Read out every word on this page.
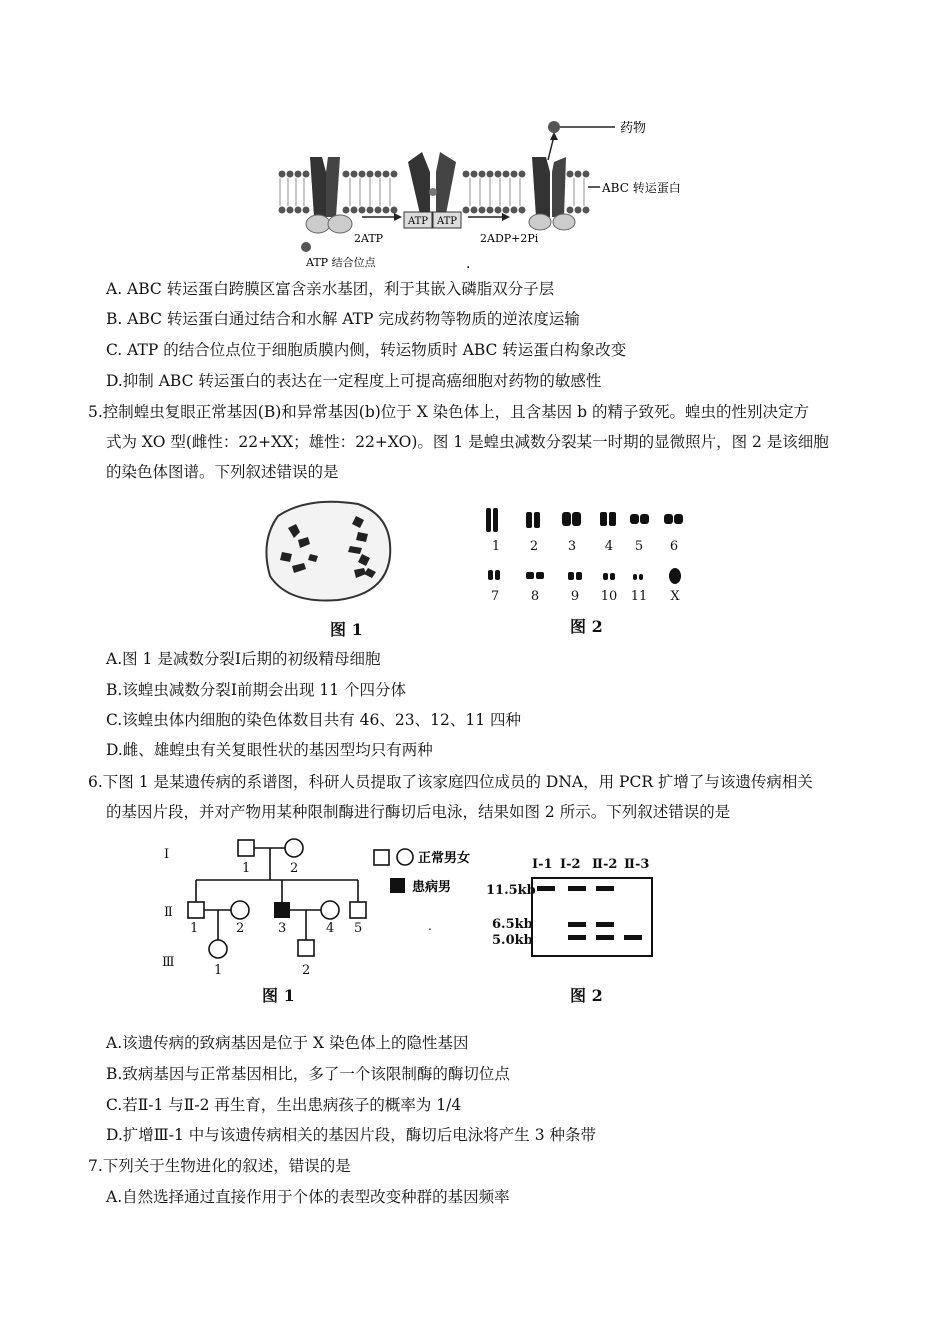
ATP ATP
药物
ABC 转运蛋白
2ATP	2ADP+2Pi
ATP 结合位点	.
A. ABC 转运蛋白跨膜区富含亲水基团，利于其嵌入磷脂双分子层
B. ABC 转运蛋白通过结合和水解 ATP 完成药物等物质的逆浓度运输
C. ATP 的结合位点位于细胞质膜内侧，转运物质时 ABC 转运蛋白构象改变
D.抑制 ABC 转运蛋白的表达在一定程度上可提高癌细胞对药物的敏感性
5.控制蝗虫复眼正常基因(B)和异常基因(b)位于 X 染色体上，且含基因 b 的精子致死。蝗虫的性别决定方
式为 XO 型(雌性：22+XX；雄性：22+XO)。图 1 是蝗虫减数分裂某一时期的显微照片，图 2 是该细胞
的染色体图谱。下列叙述错误的是
图 1
1 2 3 4 5 6
7 8 9 10 11 X
图 2
A.图 1 是减数分裂Ⅰ后期的初级精母细胞
B.该蝗虫减数分裂Ⅰ前期会出现 11 个四分体
C.该蝗虫体内细胞的染色体数目共有 46、23、12、11 四种
D.雌、雄蝗虫有关复眼性状的基因型均只有两种
6.下图 1 是某遗传病的系谱图，科研人员提取了该家庭四位成员的 DNA，用 PCR 扩增了与该遗传病相关
的基因片段，并对产物用某种限制酶进行酶切后电泳，结果如图 2 所示。下列叙述错误的是
Ⅰ
Ⅱ
Ⅲ
1	2
1	2	3	4 5
1	2
正常男女
患病男
.
Ⅰ-1 Ⅰ-2 Ⅱ-2 Ⅱ-3
11.5kb
6.5kb
5.0kb
图 1	图 2
A.该遗传病的致病基因是位于 X 染色体上的隐性基因
B.致病基因与正常基因相比，多了一个该限制酶的酶切位点
C.若Ⅱ-1 与Ⅱ-2 再生育，生出患病孩子的概率为 1/4
D.扩增Ⅲ-1 中与该遗传病相关的基因片段，酶切后电泳将产生 3 种条带
7.下列关于生物进化的叙述，错误的是
A.自然选择通过直接作用于个体的表型改变种群的基因频率
